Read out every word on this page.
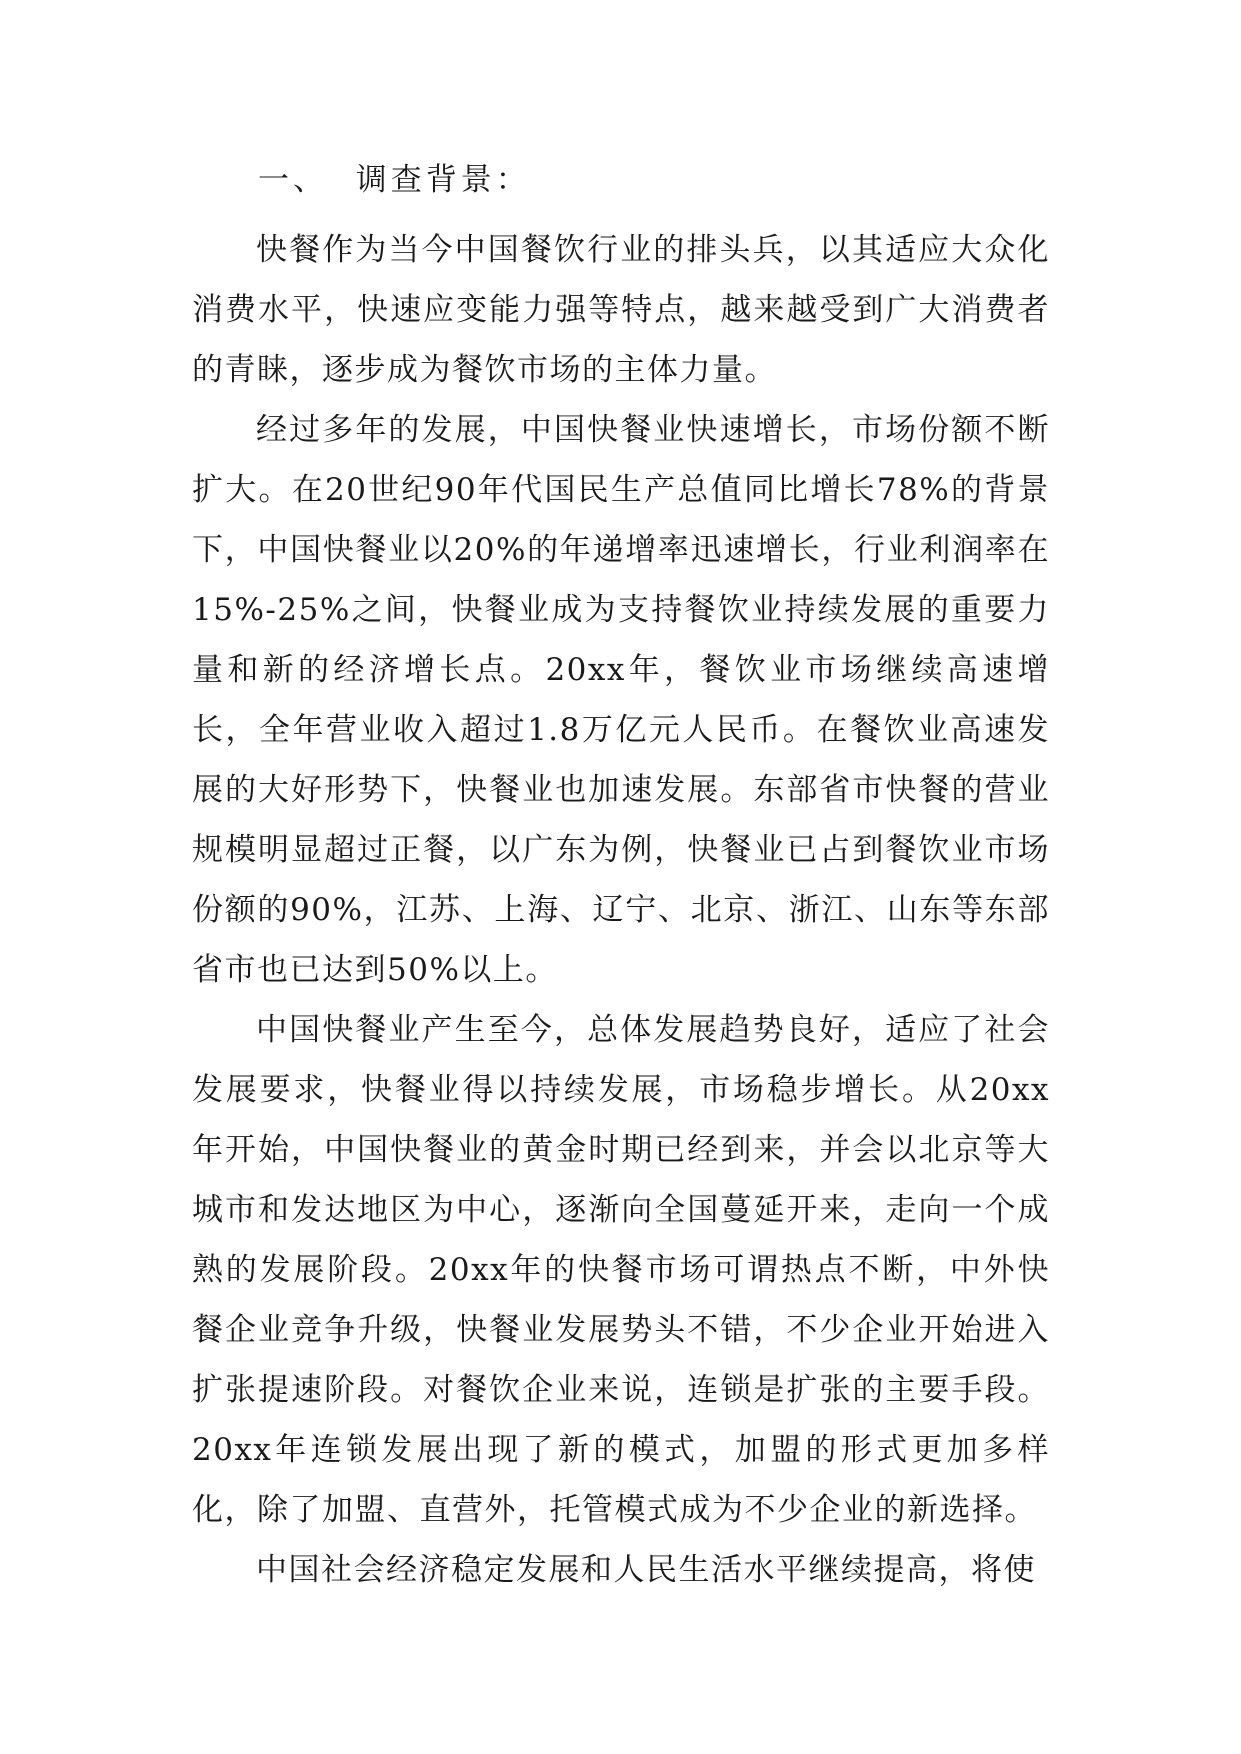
一、  调查背景：

快餐作为当今中国餐饮行业的排头兵，以其适应大众化消费水平，快速应变能力强等特点，越来越受到广大消费者的青睐，逐步成为餐饮市场的主体力量。

经过多年的发展，中国快餐业快速增长，市场份额不断扩大。在20世纪90年代国民生产总值同比增长78%的背景下，中国快餐业以20%的年递增率迅速增长，行业利润率在15%-25%之间，快餐业成为支持餐饮业持续发展的重要力量和新的经济增长点。20xx年，餐饮业市场继续高速增长，全年营业收入超过1.8万亿元人民币。在餐饮业高速发展的大好形势下，快餐业也加速发展。东部省市快餐的营业规模明显超过正餐，以广东为例，快餐业已占到餐饮业市场份额的90%，江苏、上海、辽宁、北京、浙江、山东等东部省市也已达到50%以上。

中国快餐业产生至今，总体发展趋势良好，适应了社会发展要求，快餐业得以持续发展，市场稳步增长。从20xx年开始，中国快餐业的黄金时期已经到来，并会以北京等大城市和发达地区为中心，逐渐向全国蔓延开来，走向一个成熟的发展阶段。20xx年的快餐市场可谓热点不断，中外快餐企业竞争升级，快餐业发展势头不错，不少企业开始进入扩张提速阶段。对餐饮企业来说，连锁是扩张的主要手段。20xx年连锁发展出现了新的模式，加盟的形式更加多样化，除了加盟、直营外，托管模式成为不少企业的新选择。

中国社会经济稳定发展和人民生活水平继续提高，将使
